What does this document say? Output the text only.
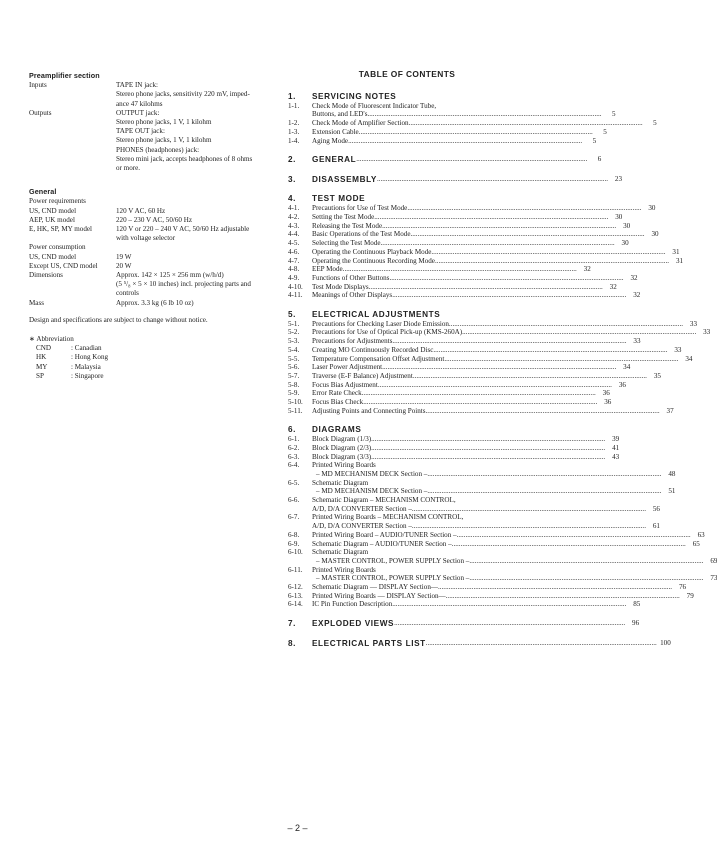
Preamplifier section
Inputs	TAPE IN jack:
Stereo phone jacks, sensitivity 220 mV, imped-
ance 47 kilohms
Outputs	OUTPUT jack:
Stereo phone jacks, 1 V, 1 kilohm
TAPE OUT jack:
Stereo phone jacks, 1 V, 1 kilohm
PHONES (headphones) jack:
Stereo mini jack, accepts headphones of 8 ohms
or more.
General
Power requirements
US, CND model	120 V AC, 60 Hz
AEP, UK model	220 – 230 V AC, 50/60 Hz
E, HK, SP, MY model	120 V or 220 – 240 V AC, 50/60 Hz adjustable
with voltage selector
Power consumption
US, CND model	19 W
Except US, CND model	20 W
Dimensions	Approx. 142 × 125 × 256 mm (w/h/d)
(5 ⁵/₈ × 5 × 10 inches) incl. projecting parts and
controls
Mass	Approx. 3.3 kg (6 lb 10 oz)
Design and specifications are subject to change without notice.
∗ Abbreviation
CND	: Canadian
HK	: Hong Kong
MY	: Malaysia
SP	: Singapore
TABLE OF CONTENTS
1.	SERVICING NOTES
1-1.	Check Mode of Fluorescent Indicator Tube,
Buttons, and LED's .....	5
1-2.	Check Mode of Amplifier Section .....	5
1-3.	Extension Cable .....	5
1-4.	Aging Mode .....	5
2.	GENERAL .....	6
3.	DISASSEMBLY .....	23
4.	TEST MODE
4-1.	Precautions for Use of Test Mode .....	30
4-2.	Setting the Test Mode .....	30
4-3.	Releasing the Test Mode .....	30
4-4.	Basic Operations of the Test Mode .....	30
4-5.	Selecting the Test Mode .....	30
4-6.	Operating the Continuous Playback Mode .....	31
4-7.	Operating the Continuous Recording Mode .....	31
4-8.	EEP Mode .....	32
4-9.	Functions of Other Buttons .....	32
4-10.	Test Mode Displays .....	32
4-11.	Meanings of Other Displays .....	32
5.	ELECTRICAL ADJUSTMENTS
5-1.	Precautions for Checking Laser Diode Emission .....	33
5-2.	Precautions for Use of Optical Pick-up (KMS-260A) .....	33
5-3.	Precautions for Adjustments .....	33
5-4.	Creating MO Continuously Recorded Disc .....	33
5-5.	Temperature Compensation Offset Adjustment .....	34
5-6.	Laser Power Adjustment .....	34
5-7.	Traverse (E-F Balance) Adjustment .....	35
5-8.	Focus Bias Adjustment .....	36
5-9.	Error Rate Check .....	36
5-10.	Focus Bias Check .....	36
5-11.	Adjusting Points and Connecting Points .....	37
6.	DIAGRAMS
6-1.	Block Diagram (1/3) .....	39
6-2.	Block Diagram (2/3) .....	41
6-3.	Block Diagram (3/3) .....	43
6-4.	Printed Wiring Boards
– MD MECHANISM DECK Section – .....	48
6-5.	Schematic Diagram
– MD MECHANISM DECK Section – .....	51
6-6.	Schematic Diagram – MECHANISM CONTROL,
A/D, D/A CONVERTER Section – .....	56
6-7.	Printed Wiring Boards – MECHANISM CONTROL,
A/D, D/A CONVERTER Section – .....	61
6-8.	Printed Wiring Board – AUDIO/TUNER Section – .....	63
6-9.	Schematic Diagram – AUDIO/TUNER Section – .....	65
6-10.	Schematic Diagram
– MASTER CONTROL, POWER SUPPLY Section – .....	69
6-11.	Printed Wiring Boards
– MASTER CONTROL, POWER SUPPLY Section – .....	73
6-12.	Schematic Diagram — DISPLAY Section— .....	76
6-13.	Printed Wiring Boards — DISPLAY Section— .....	79
6-14.	IC Pin Function Description .....	85
7.	EXPLODED VIEWS .....	96
8.	ELECTRICAL PARTS LIST .....	100
– 2 –
